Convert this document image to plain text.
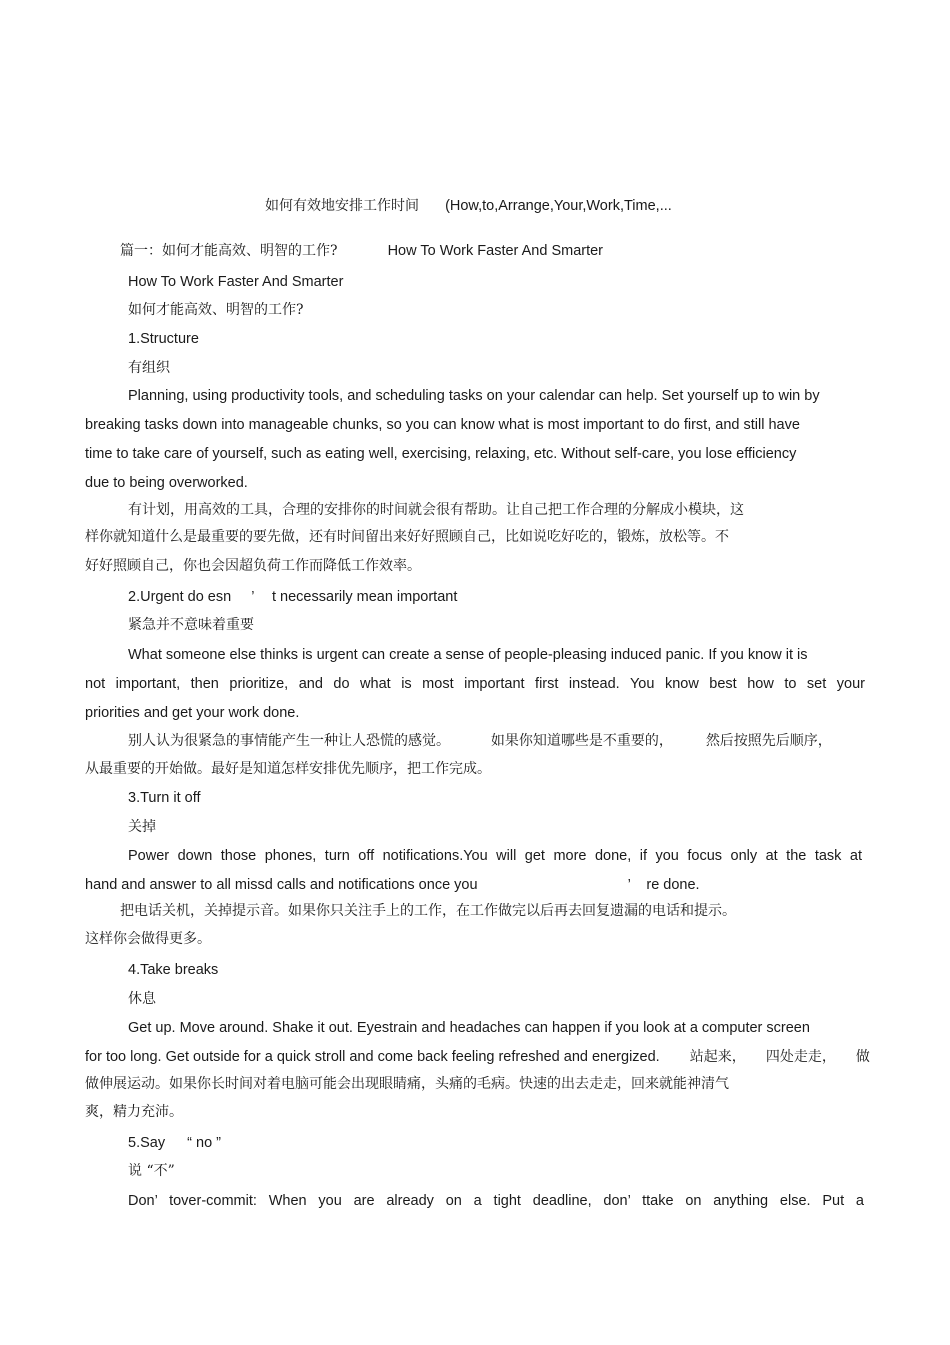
如何有效地安排工作时间 (How,to,Arrange,Your,Work,Time,...
篇一：如何才能高效、明智的工作?	How To Work Faster And Smarter
How To Work Faster And Smarter
如何才能高效、明智的工作?
1.Structure
有组织
Planning, using productivity tools, and scheduling tasks on your calendar can help. Set yourself up to win by
breaking tasks down into manageable chunks, so you can know what is most important to do first, and still have
time to take care of yourself, such as eating well, exercising, relaxing, etc. Without self-care, you lose efficiency
due to being overworked.
有计划，用高效的工具，合理的安排你的时间就会很有帮助。让自己把工作合理的分解成小模块，这
样你就知道什么是最重要的要先做，还有时间留出来好好照顾自己，比如说吃好吃的，锻炼，放松等。不
好好照顾自己，你也会因超负荷工作而降低工作效率。
2.Urgent do esn ’ t necessarily mean important
紧急并不意味着重要
What someone else thinks is urgent can create a sense of people-pleasing induced panic. If you know it is
not important, then prioritize, and do what is most important first instead. You know best how to set your
priorities and get your work done.
别人认为很紧急的事情能产生一种让人恐慌的感觉。	如果你知道哪些是不重要的， 然后按照先后顺序，
从最重要的开始做。最好是知道怎样安排优先顺序，把工作完成。
3.Turn it off
关掉
Power down those phones, turn off notifications.You will get more done, if you focus only at the task at
hand and answer to all missd calls and notifications once you	’ re done.
把电话关机，关掉提示音。如果你只关注手上的工作，在工作做完以后再去回复遗漏的电话和提示。
这样你会做得更多。
4.Take breaks
休息
Get up. Move around. Shake it out. Eyestrain and headaches can happen if you look at a computer screen
for too long. Get outside for a quick stroll and come back feeling refreshed and energized. 站起来， 四处走走， 做
做伸展运动。如果你长时间对着电脑可能会出现眼睛痛，头痛的毛病。快速的出去走走，回来就能神清气
爽，精力充沛。
5.Say “ no ”
说 “不”
Don’ tover-commit: When you are already on a tight deadline, don’ ttake on anything else. Put a
